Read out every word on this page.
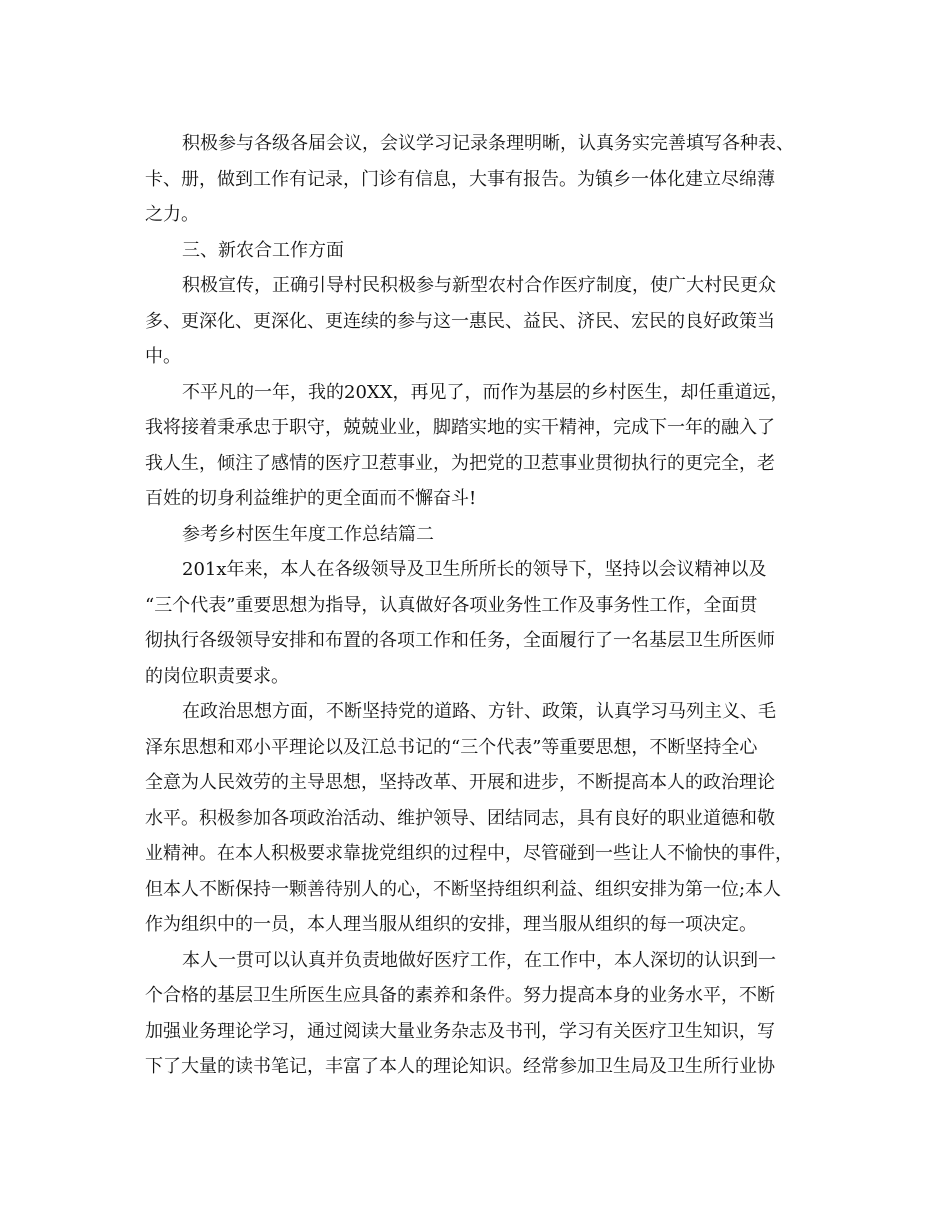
积极参与各级各届会议，会议学习记录条理明晰，认真务实完善填写各种表、
卡、册，做到工作有记录，门诊有信息，大事有报告。为镇乡一体化建立尽绵薄
之力。
三、新农合工作方面
积极宣传，正确引导村民积极参与新型农村合作医疗制度，使广大村民更众
多、更深化、更深化、更连续的参与这一惠民、益民、济民、宏民的良好政策当
中。
不平凡的一年，我的20XX，再见了，而作为基层的乡村医生，却任重道远，
我将接着秉承忠于职守，兢兢业业，脚踏实地的实干精神，完成下一年的融入了
我人生，倾注了感情的医疗卫惹事业，为把党的卫惹事业贯彻执行的更完全，老
百姓的切身利益维护的更全面而不懈奋斗!
参考乡村医生年度工作总结篇二
201x年来，本人在各级领导及卫生所所长的领导下，坚持以会议精神以及
“三个代表”重要思想为指导，认真做好各项业务性工作及事务性工作，全面贯
彻执行各级领导安排和布置的各项工作和任务，全面履行了一名基层卫生所医师
的岗位职责要求。
在政治思想方面，不断坚持党的道路、方针、政策，认真学习马列主义、毛
泽东思想和邓小平理论以及江总书记的“三个代表”等重要思想，不断坚持全心
全意为人民效劳的主导思想，坚持改革、开展和进步，不断提高本人的政治理论
水平。积极参加各项政治活动、维护领导、团结同志，具有良好的职业道德和敬
业精神。在本人积极要求靠拢党组织的过程中，尽管碰到一些让人不愉快的事件，
但本人不断保持一颗善待别人的心，不断坚持组织利益、组织安排为第一位;本人
作为组织中的一员，本人理当服从组织的安排，理当服从组织的每一项决定。
本人一贯可以认真并负责地做好医疗工作，在工作中，本人深切的认识到一
个合格的基层卫生所医生应具备的素养和条件。努力提高本身的业务水平，不断
加强业务理论学习，通过阅读大量业务杂志及书刊，学习有关医疗卫生知识，写
下了大量的读书笔记，丰富了本人的理论知识。经常参加卫生局及卫生所行业协
